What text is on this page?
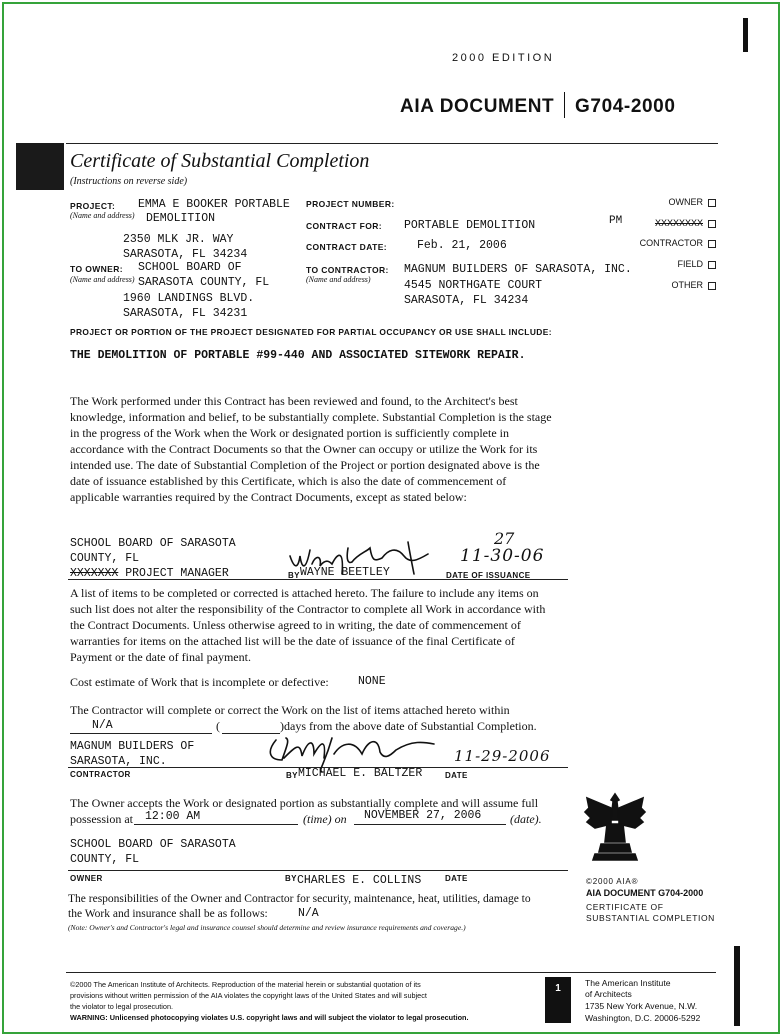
2000 EDITION
AIA DOCUMENT G704-2000
Certificate of Substantial Completion
(Instructions on reverse side)
PROJECT:
(Name and address)
EMMA E BOOKER PORTABLE
DEMOLITION
2350 MLK JR. WAY
SARASOTA, FL 34234
TO OWNER:
(Name and address)
SCHOOL BOARD OF
SARASOTA COUNTY, FL
1960 LANDINGS BLVD.
SARASOTA, FL 34231
PROJECT NUMBER:
CONTRACT FOR: PORTABLE DEMOLITION
CONTRACT DATE:	Feb. 21, 2006
TO CONTRACTOR:
(Name and address)
MAGNUM BUILDERS OF SARASOTA, INC.
4545 NORTHGATE COURT
SARASOTA, FL 34234
OWNER
PM	XXXXXXXX
CONTRACTOR
FIELD
OTHER
PROJECT OR PORTION OF THE PROJECT DESIGNATED FOR PARTIAL OCCUPANCY OR USE SHALL INCLUDE:
THE DEMOLITION OF PORTABLE #99-440 AND ASSOCIATED SITEWORK REPAIR.
The Work performed under this Contract has been reviewed and found, to the Architect's best
knowledge, information and belief, to be substantially complete. Substantial Completion is the stage
in the progress of the Work when the Work or designated portion is sufficiently complete in
accordance with the Contract Documents so that the Owner can occupy or utilize the Work for its
intended use. The date of Substantial Completion of the Project or portion designated above is the
date of issuance established by this Certificate, which is also the date of commencement of
applicable warranties required by the Contract Documents, except as stated below:
SCHOOL BOARD OF SARASOTA
COUNTY, FL
XXXXXXX PROJECT MANAGER	BY WAYNE BEETLEY
27
11-30-06
DATE OF ISSUANCE
A list of items to be completed or corrected is attached hereto. The failure to include any items on
such list does not alter the responsibility of the Contractor to complete all Work in accordance with
the Contract Documents. Unless otherwise agreed to in writing, the date of commencement of
warranties for items on the attached list will be the date of issuance of the final Certificate of
Payment or the date of final payment.
Cost estimate of Work that is incomplete or defective:	NONE
The Contractor will complete or correct the Work on the list of items attached hereto within
N/A	(	) days from the above date of Substantial Completion.
MAGNUM BUILDERS OF
SARASOTA, INC.
CONTRACTOR	BY MICHAEL E. BALTZER	DATE
11-29-2006
The Owner accepts the Work or designated portion as substantially complete and will assume full
possession at 12:00 AM	(time) on NOVEMBER 27, 2006 (date).
SCHOOL BOARD OF SARASOTA
COUNTY, FL
OWNER	BY CHARLES E. COLLINS	DATE
The responsibilities of the Owner and Contractor for security, maintenance, heat, utilities, damage to
the Work and insurance shall be as follows:	N/A
(Note: Owner's and Contractor's legal and insurance counsel should determine and review insurance requirements and coverage.)
©2000 AIA®
AIA DOCUMENT G704-2000
CERTIFICATE OF
SUBSTANTIAL COMPLETION
©2000 The American Institute of Architects. Reproduction of the material herein or substantial quotation of its
provisions without written permission of the AIA violates the copyright laws of the United States and will subject
the violator to legal prosecution.
WARNING: Unlicensed photocopying violates U.S. copyright laws and will subject the violator to legal prosecution.
1	The American Institute
of Architects
1735 New York Avenue, N.W.
Washington, D.C. 20006-5292
